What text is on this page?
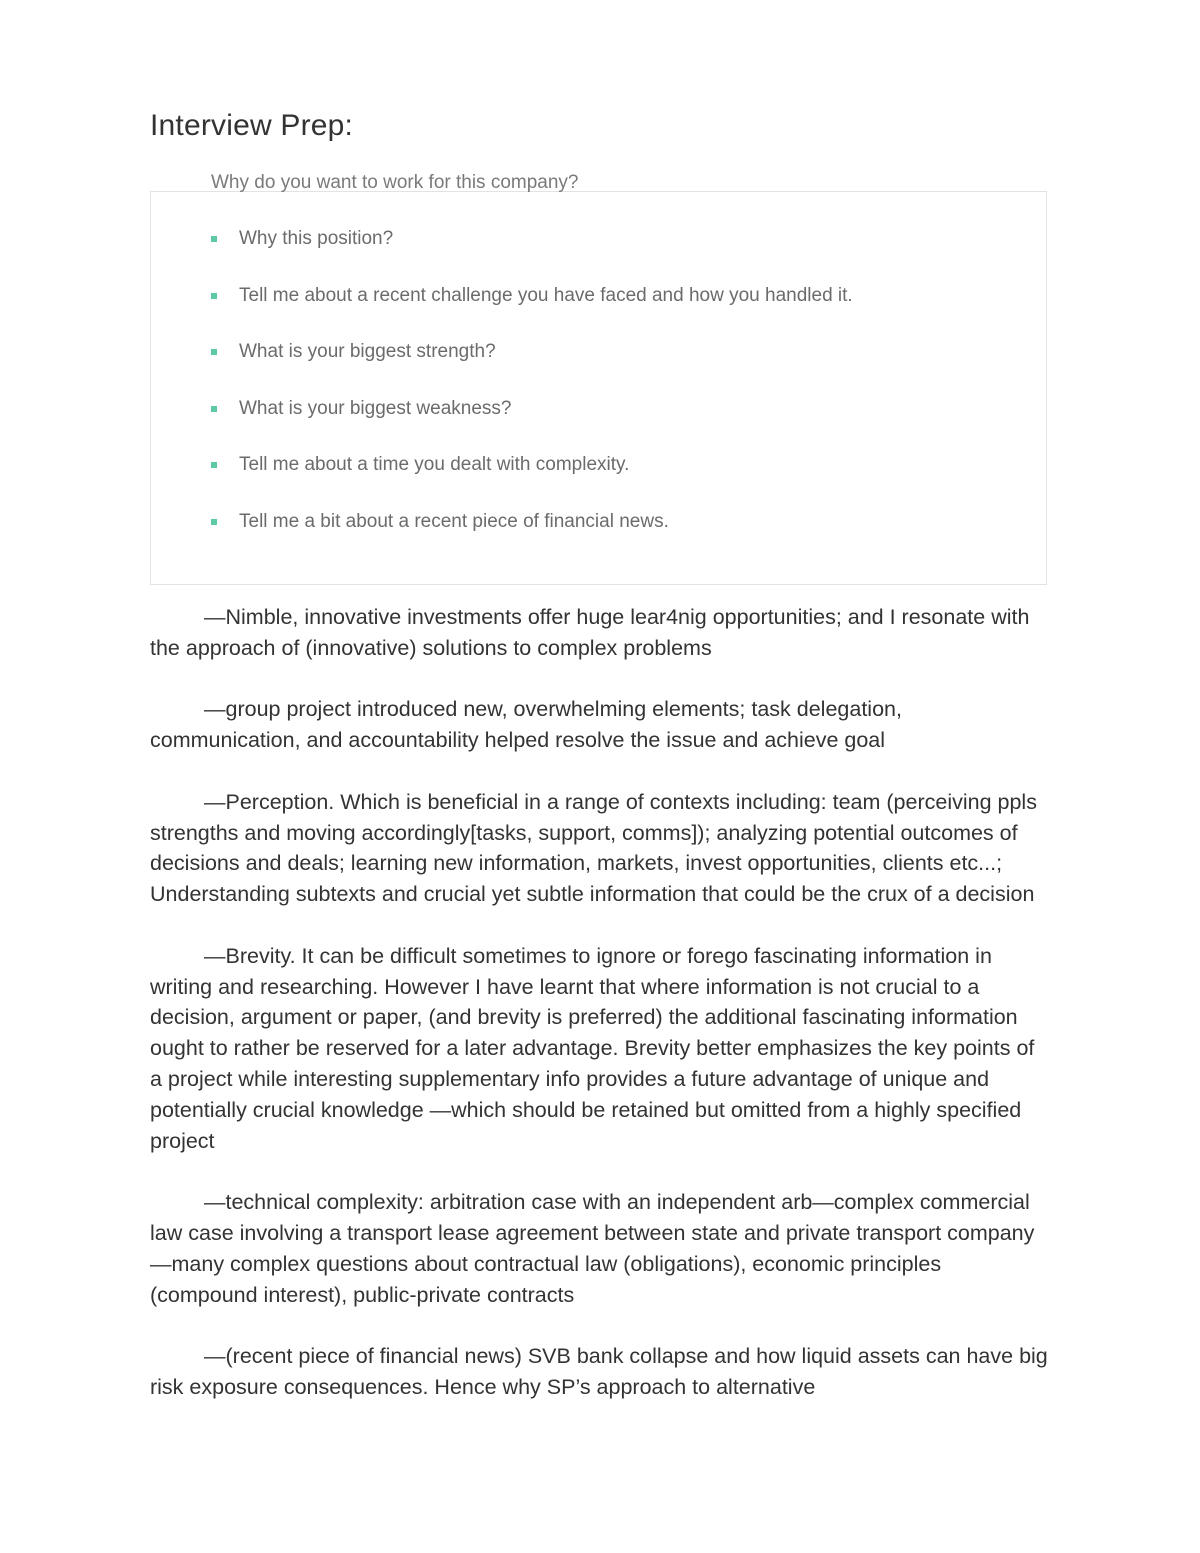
Interview Prep:
Why do you want to work for this company?
Why this position?
Tell me about a recent challenge you have faced and how you handled it.
What is your biggest strength?
What is your biggest weakness?
Tell me about a time you dealt with complexity.
Tell me a bit about a recent piece of financial news.

—Nimble, innovative investments offer huge lear4nig opportunities; and I resonate with the approach of (innovative) solutions to complex problems

—group project introduced new, overwhelming elements; task delegation, communication, and accountability helped resolve the issue and achieve goal

—Perception. Which is beneficial in a range of contexts including: team (perceiving ppls strengths and moving accordingly[tasks, support, comms]); analyzing potential outcomes of decisions and deals; learning new information, markets, invest opportunities, clients etc...; Understanding subtexts and crucial yet subtle information that could be the crux of a decision

—Brevity. It can be difficult sometimes to ignore or forego fascinating information in writing and researching. However I have learnt that where information is not crucial to a decision, argument or paper, (and brevity is preferred) the additional fascinating information ought to rather be reserved for a later advantage. Brevity better emphasizes the key points of a project while interesting supplementary info provides a future advantage of unique and potentially crucial knowledge —which should be retained but omitted from a highly specified project

—technical complexity: arbitration case with an independent arb—complex commercial law case involving a transport lease agreement between state and private transport company—many complex questions about contractual law (obligations), economic principles (compound interest), public-private contracts

—(recent piece of financial news) SVB bank collapse and how liquid assets can have big risk exposure consequences. Hence why SP’s approach to alternative
